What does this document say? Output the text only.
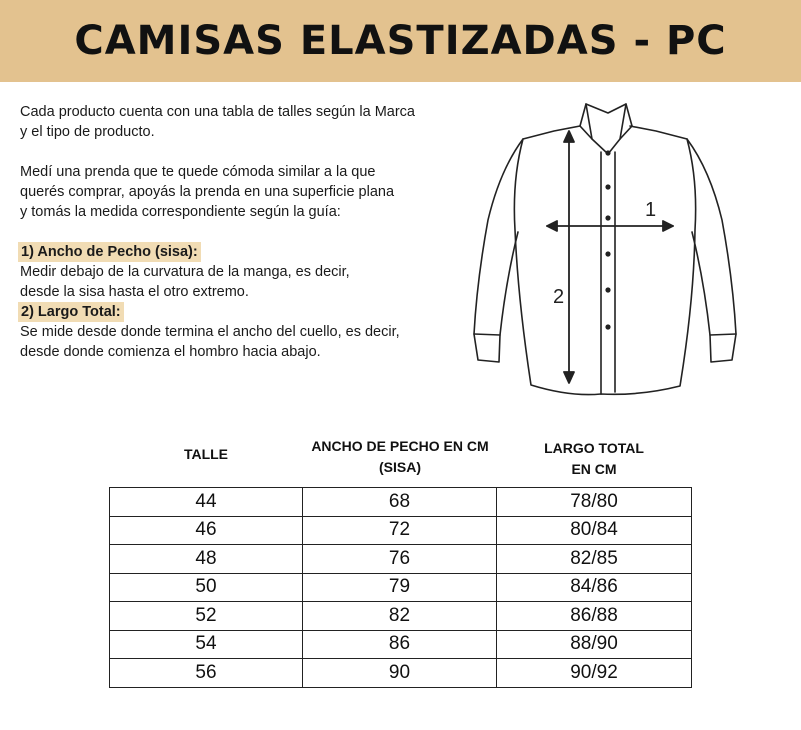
CAMISAS ELASTIZADAS - PC

Cada producto cuenta con una tabla de talles según la Marca

y el tipo de producto.

Medí una prenda que te quede cómoda similar a la que

querés comprar, apoyás la prenda en una superficie plana

y tomás la medida correspondiente según la guía:

1) Ancho de Pecho (sisa):

Medir debajo de la curvatura de la manga, es decir,

desde la sisa hasta el otro extremo.

2) Largo Total:

Se mide desde donde termina el ancho del cuello, es decir,

desde donde comienza el hombro hacia abajo.

1
2
TALLE	ANCHO DE PECHO EN CM
(SISA)
LARGO TOTAL
EN CM
44	68	78/80
46	72	80/84
48	76	82/85
50	79	84/86
52	82	86/88
54	86	88/90
56	90	90/92
